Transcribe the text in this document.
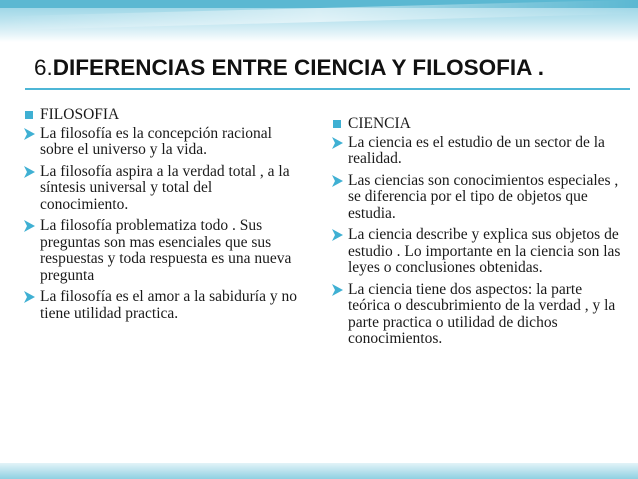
6.DIFERENCIAS ENTRE CIENCIA Y FILOSOFIA .
FILOSOFIA
La filosofía es la concepción racional sobre el universo y la vida.
La filosofía aspira a la verdad total , a la síntesis universal y total del conocimiento.
La filosofía problematiza todo . Sus preguntas son mas esenciales que sus respuestas y toda respuesta es una nueva pregunta
La filosofía es el amor a la sabiduría y no tiene utilidad practica.
CIENCIA
La ciencia es el estudio de un sector de la realidad.
Las ciencias son conocimientos especiales , se diferencia por el tipo de objetos que estudia.
La ciencia describe y explica sus objetos de estudio . Lo importante en la ciencia son las leyes o conclusiones obtenidas.
La ciencia tiene dos aspectos: la parte teórica o descubrimiento de la verdad , y la parte practica o utilidad de dichos conocimientos.
